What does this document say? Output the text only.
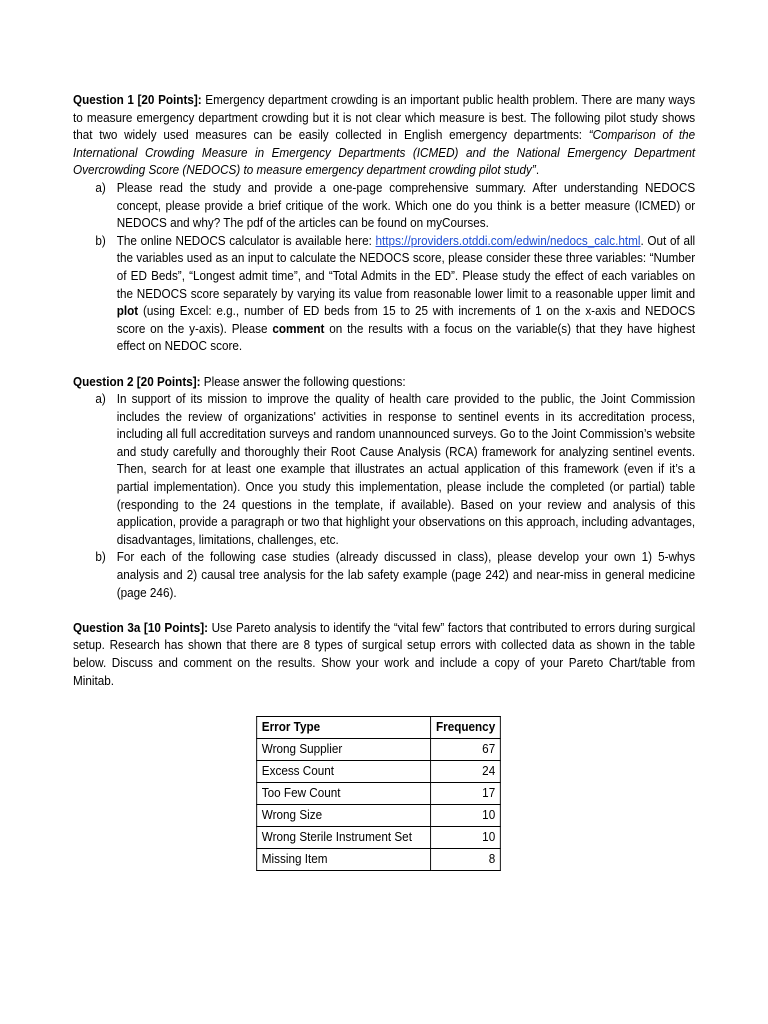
Question 1 [20 Points]: Emergency department crowding is an important public health problem. There are many ways to measure emergency department crowding but it is not clear which measure is best. The following pilot study shows that two widely used measures can be easily collected in English emergency departments: “Comparison of the International Crowding Measure in Emergency Departments (ICMED) and the National Emergency Department Overcrowding Score (NEDOCS) to measure emergency department crowding pilot study”.

a) Please read the study and provide a one-page comprehensive summary. After understanding NEDOCS concept, please provide a brief critique of the work. Which one do you think is a better measure (ICMED) or NEDOCS and why? The pdf of the articles can be found on myCourses.
b) The online NEDOCS calculator is available here: https://providers.otddi.com/edwin/nedocs_calc.html. Out of all the variables used as an input to calculate the NEDOCS score, please consider these three variables: “Number of ED Beds”, “Longest admit time”, and “Total Admits in the ED”. Please study the effect of each variables on the NEDOCS score separately by varying its value from reasonable lower limit to a reasonable upper limit and plot (using Excel: e.g., number of ED beds from 15 to 25 with increments of 1 on the x-axis and NEDOCS score on the y-axis). Please comment on the results with a focus on the variable(s) that they have highest effect on NEDOC score.

Question 2 [20 Points]: Please answer the following questions:

a) In support of its mission to improve the quality of health care provided to the public, the Joint Commission includes the review of organizations' activities in response to sentinel events in its accreditation process, including all full accreditation surveys and random unannounced surveys. Go to the Joint Commission’s website and study carefully and thoroughly their Root Cause Analysis (RCA) framework for analyzing sentinel events. Then, search for at least one example that illustrates an actual application of this framework (even if it’s a partial implementation). Once you study this implementation, please include the completed (or partial) table (responding to the 24 questions in the template, if available). Based on your review and analysis of this application, provide a paragraph or two that highlight your observations on this approach, including advantages, disadvantages, limitations, challenges, etc.
b) For each of the following case studies (already discussed in class), please develop your own 1) 5-whys analysis and 2) causal tree analysis for the lab safety example (page 242) and near-miss in general medicine (page 246).

Question 3a [10 Points]: Use Pareto analysis to identify the “vital few” factors that contributed to errors during surgical setup. Research has shown that there are 8 types of surgical setup errors with collected data as shown in the table below. Discuss and comment on the results. Show your work and include a copy of your Pareto Chart/table from Minitab.

Error Type	Frequency
Wrong Supplier	67
Excess Count	24
Too Few Count	17
Wrong Size	10
Wrong Sterile Instrument Set	10
Missing Item	8
